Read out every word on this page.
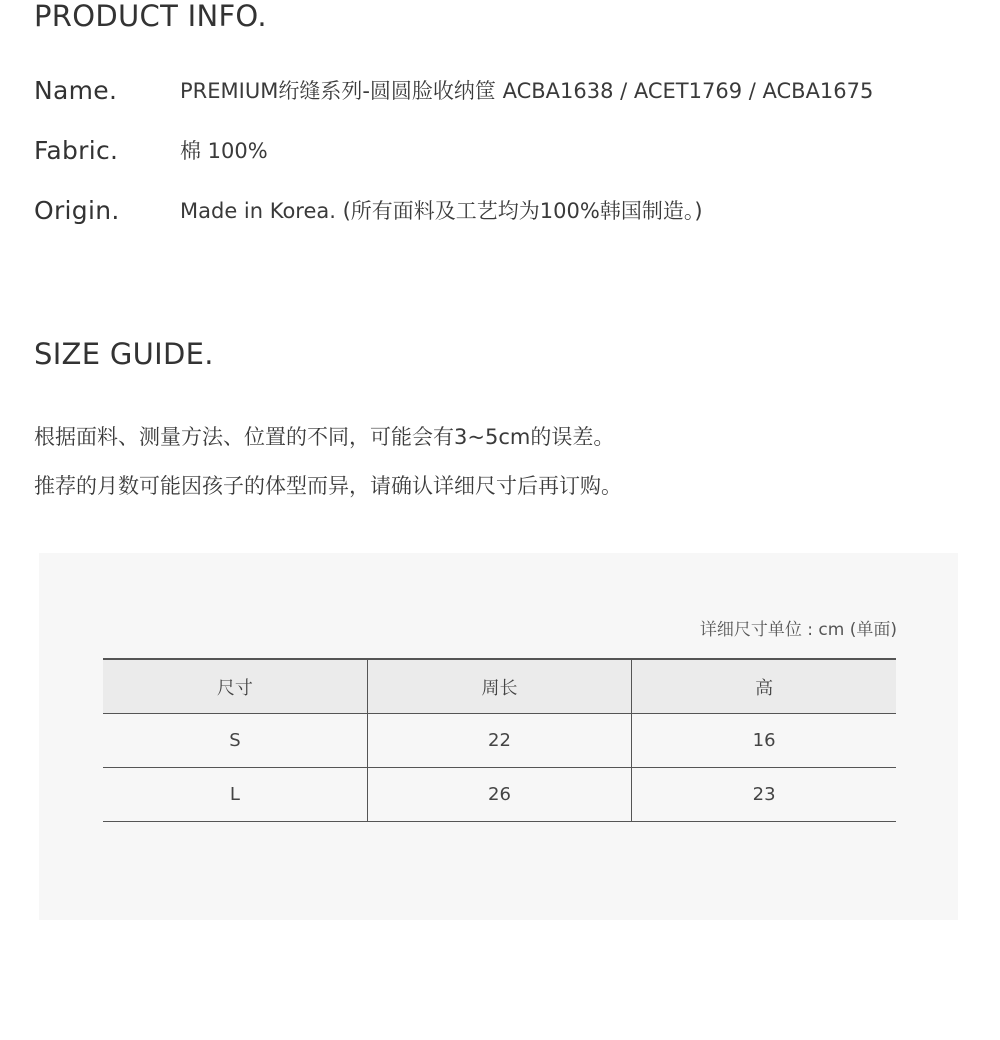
PRODUCT INFO.
Name.	PREMIUM绗缝系列-圆圆脸收纳筐 ACBA1638 / ACET1769 / ACBA1675
Fabric.	棉 100%
Origin.	Made in Korea. (所有面料及工艺均为100%韩国制造。)
SIZE GUIDE.

根据面料、测量方法、位置的不同，可能会有3~5cm的误差。

推荐的月数可能因孩子的体型而异，请确认详细尺寸后再订购。

详细尺寸单位 : cm (单面)
尺寸	周长	高
S	22	16
L	26	23
